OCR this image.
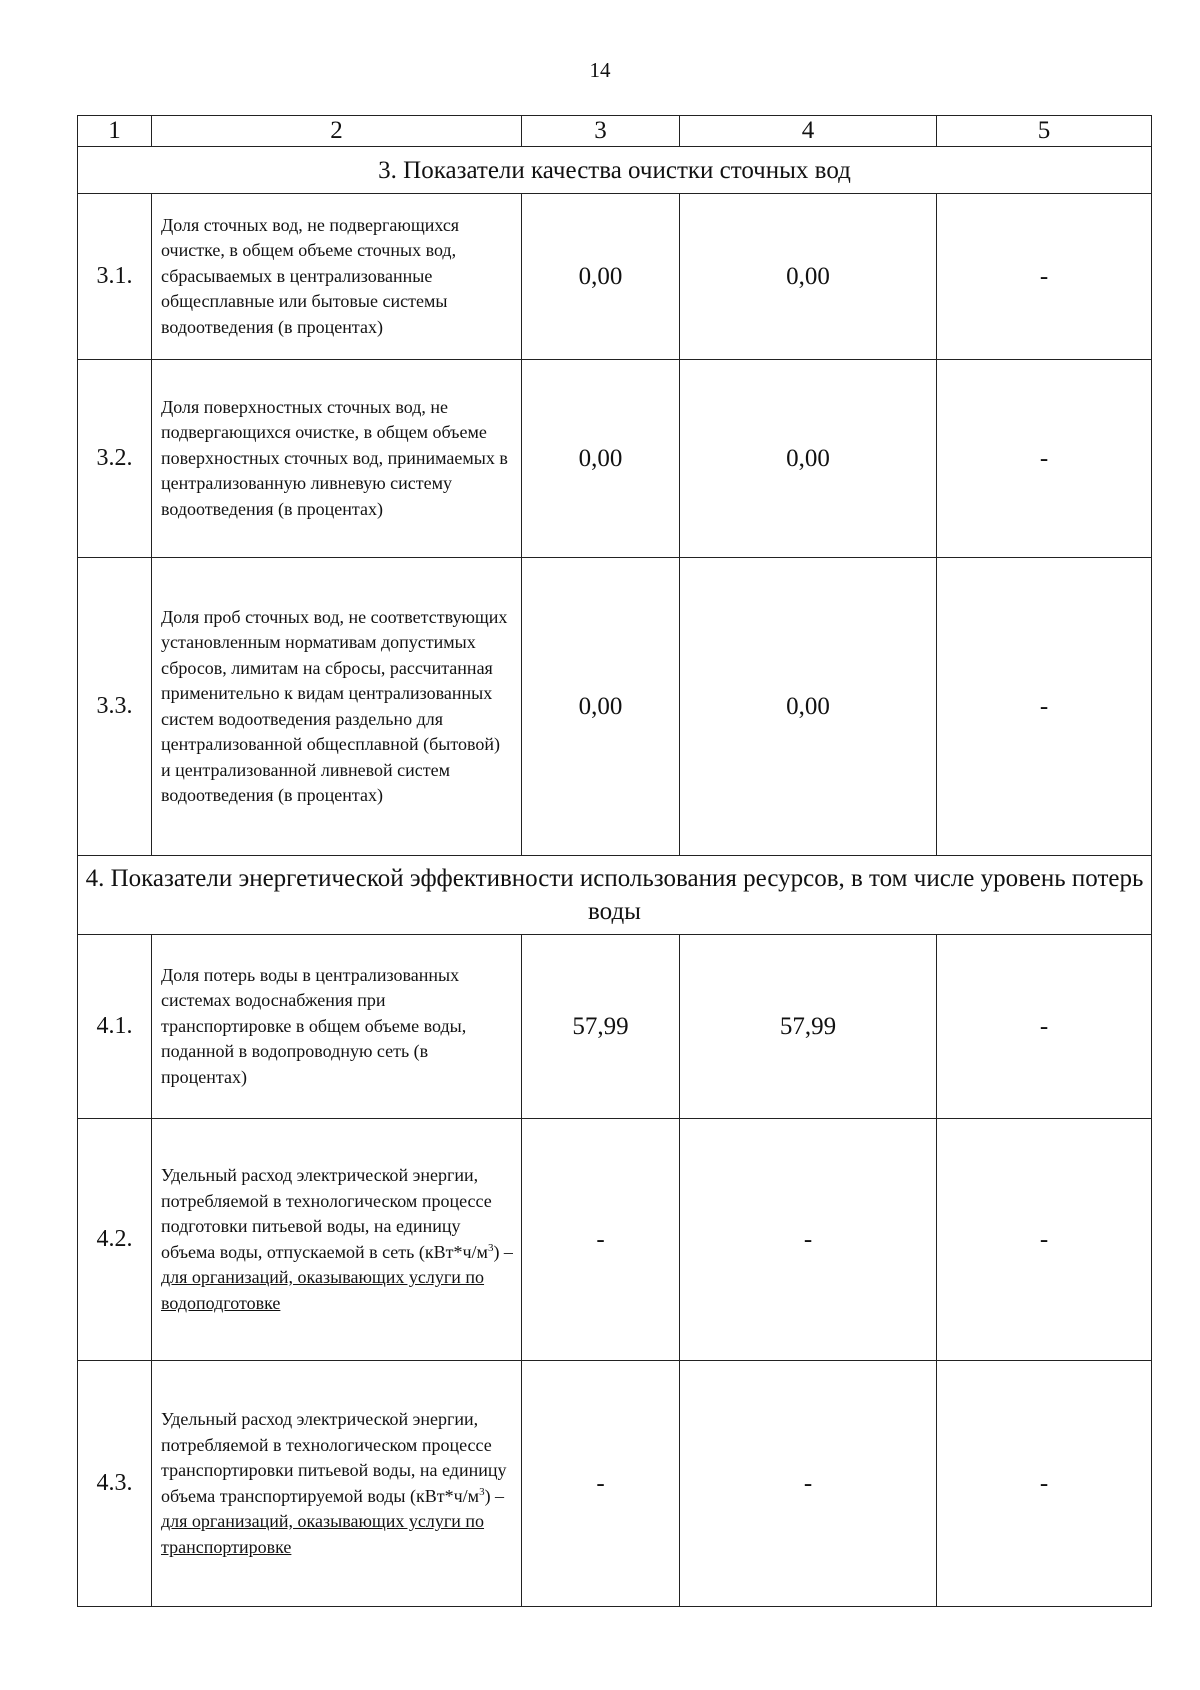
14
1	2	3	4	5
3. Показатели качества очистки сточных вод				
3.1.	Доля сточных вод, не подвергающихся очистке, в общем объеме сточных вод, сбрасываемых в централизованные общесплавные или бытовые системы водоотведения (в процентах)	0,00	0,00	-
3.2.	Доля поверхностных сточных вод, не подвергающихся очистке, в общем объеме поверхностных сточных вод, принимаемых в централизованную ливневую систему водоотведения (в процентах)	0,00	0,00	-
3.3.	Доля проб сточных вод, не соответствующих установленным нормативам допустимых сбросов, лимитам на сбросы, рассчитанная применительно к видам централизованных систем водоотведения раздельно для централизованной общесплавной (бытовой) и централизованной ливневой систем водоотведения (в процентах)	0,00	0,00	-
4. Показатели энергетической эффективности использования ресурсов, в том числе уровень потерь воды				
4.1.	Доля потерь воды в централизованных системах водоснабжения при транспортировке в общем объеме воды, поданной в водопроводную сеть (в процентах)	57,99	57,99	-
4.2.	Удельный расход электрической энергии, потребляемой в технологическом процессе подготовки питьевой воды, на единицу объема воды, отпускаемой в сеть $(кВт*ч/м^3)$ – для организаций, оказывающих услуги по водоподготовке	-	-	-
4.3.	Удельный расход электрической энергии, потребляемой в технологическом процессе транспортировки питьевой воды, на единицу объема транспортируемой воды $(кВт*ч/м^3)$ – для организаций, оказывающих услуги по транспортировке	-	-	-
